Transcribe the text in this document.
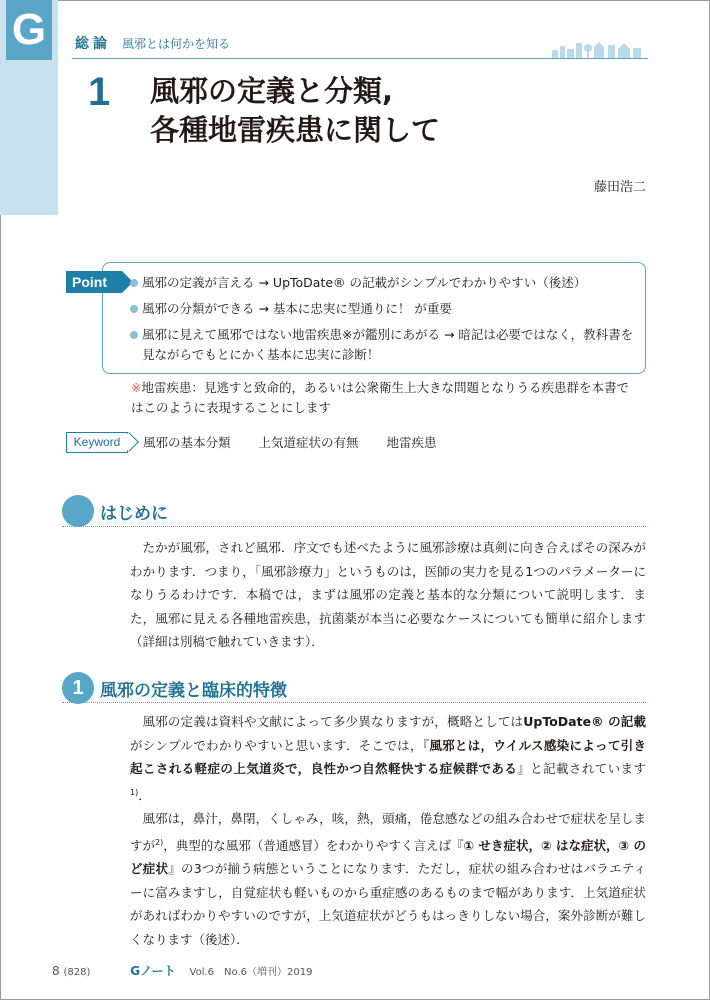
G	総論 風邪とは何かを知る
1 風邪の定義と分類,
各種地雷疾患に関して
藤田浩二
Point	風邪の定義が言える → UpToDate® の記載がシンプルでわかりやすい（後述）
風邪の分類ができる → 基本に忠実に型通りに！ が重要
風邪に見えて風邪ではない地雷疾患※が鑑別にあがる → 暗記は必要ではなく，教科書を見ながらでもとにかく基本に忠実に診断！
※地雷疾患：見逃すと致命的，あるいは公衆衛生上大きな問題となりうる疾患群を本書ではこのように表現することにします
Keyword	風邪の基本分類 上気道症状の有無 地雷疾患
はじめに

たかが風邪，されど風邪．序文でも述べたように風邪診療は真剣に向き合えばその深みがわかります．つまり，「風邪診療力」というものは，医師の実力を見る1つのパラメーターになりうるわけです．本稿では，まずは風邪の定義と基本的な分類について説明します．また，風邪に見える各種地雷疾患，抗菌薬が本当に必要なケースについても簡単に紹介します（詳細は別稿で触れていきます）．

1 風邪の定義と臨床的特徴

風邪の定義は資料や文献によって多少異なりますが，概略としてはUpToDate® の記載がシンプルでわかりやすいと思います．そこでは，『風邪とは，ウイルス感染によって引き起こされる軽症の上気道炎で，良性かつ自然軽快する症候群である』と記載されています$^{1)}$．

風邪は，鼻汁，鼻閉，くしゃみ，咳，熱，頭痛，倦怠感などの組み合わせで症状を呈しますが$^{2)}$，典型的な風邪（普通感冒）をわかりやすく言えば『① せき症状，② はな症状，③ のど症状』の3つが揃う病態ということになります．ただし，症状の組み合わせはバラエティーに富みますし，自覚症状も軽いものから重症感のあるものまで幅があります．上気道症状があればわかりやすいのですが，上気道症状がどうもはっきりしない場合，案外診断が難しくなります（後述）．

8 (828)	Gノート Vol.6　No.6（増刊）2019
